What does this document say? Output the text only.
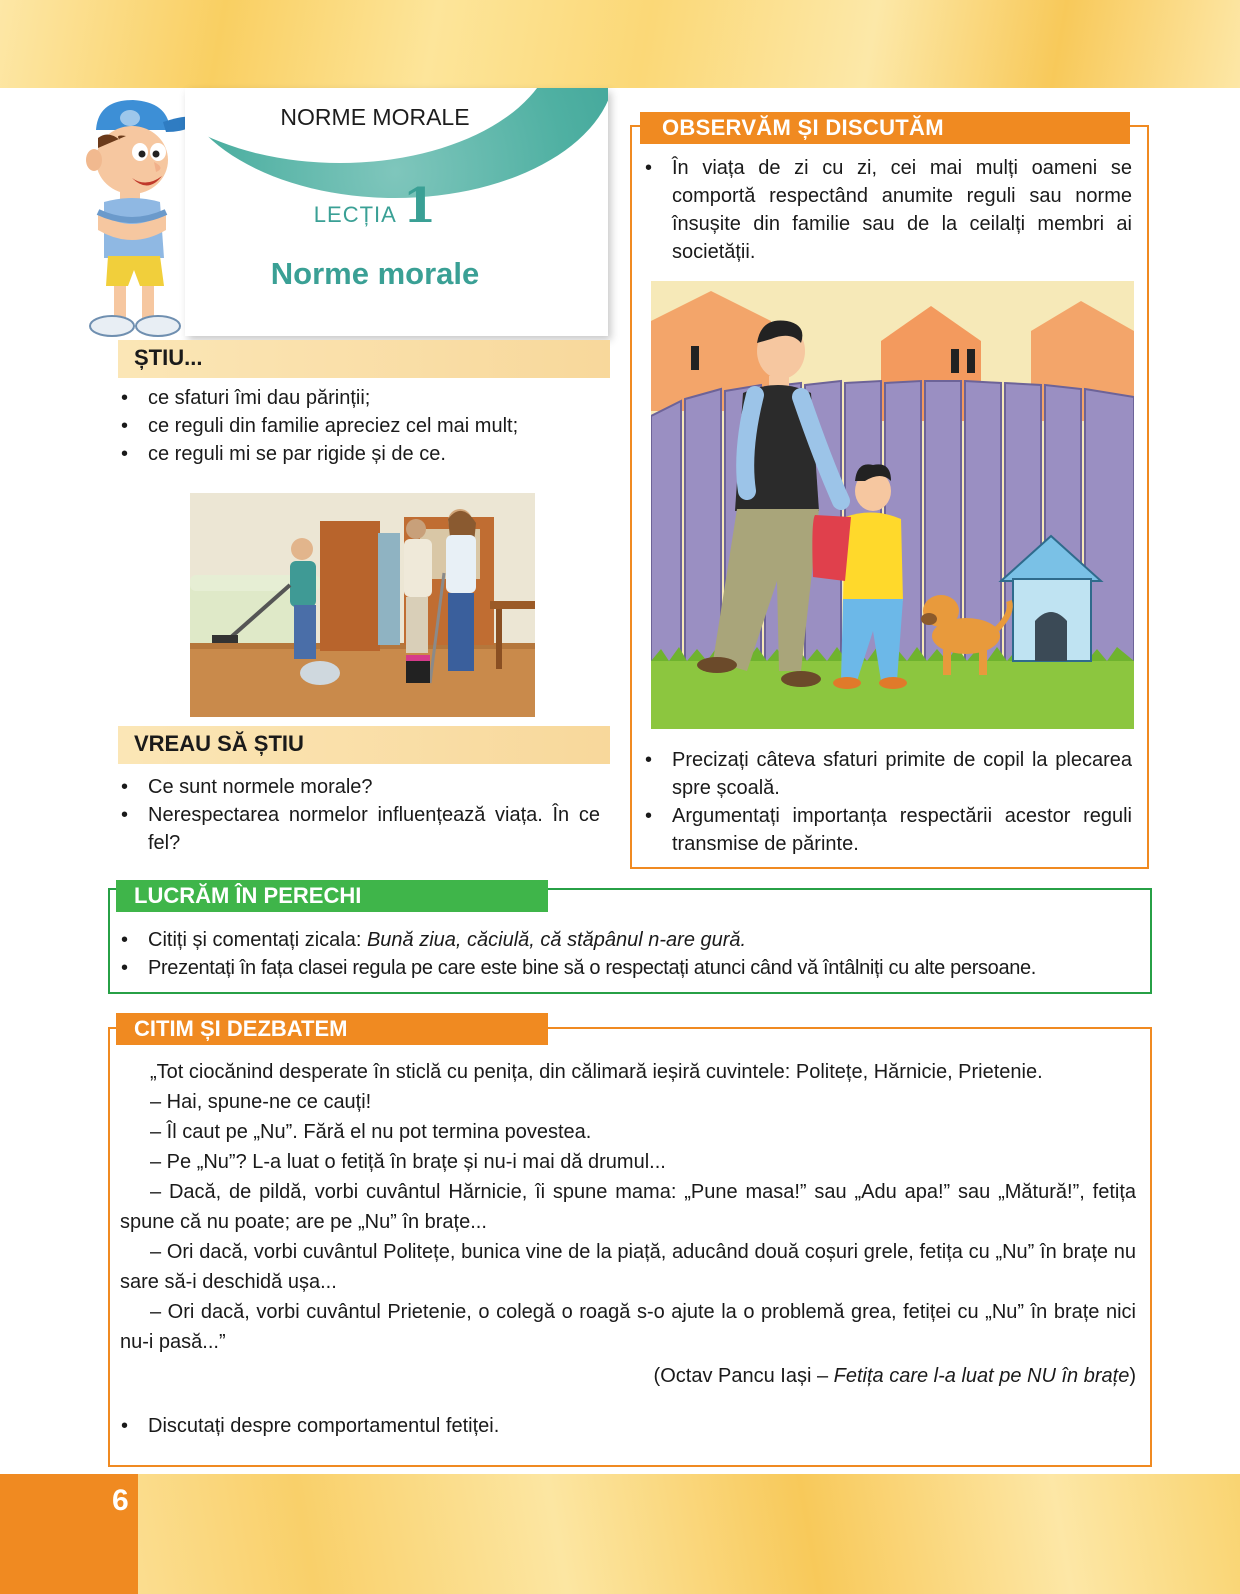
6
NORME MORALE
LECȚIA 1
Norme morale
ȘTIU...
• ce sfaturi îmi dau părinții;
• ce reguli din familie apreciez cel mai mult;
• ce reguli mi se par rigide și de ce.
VREAU SĂ ȘTIU
• Ce sunt normele morale?
• Nerespectarea normelor influențează viața. În ce fel?
OBSERVĂM ȘI DISCUTĂM
• În viața de zi cu zi, cei mai mulți oameni se comportă respectând anumite reguli sau norme însușite din familie sau de la ceilalți membri ai societății.
• Precizați câteva sfaturi primite de copil la plecarea spre școală.
• Argumentați importanța respectării acestor reguli transmise de părinte.
LUCRĂM ÎN PERECHI
• Citiți și comentați zicala: Bună ziua, căciulă, că stăpânul n-are gură.
• Prezentați în fața clasei regula pe care este bine să o respectați atunci când vă întâlniți cu alte persoane.
CITIM ȘI DEZBATEM

„Tot ciocănind desperate în sticlă cu penița, din călimară ieșiră cuvintele: Politețe, Hărnicie, Prietenie.

– Hai, spune-ne ce cauți!

– Îl caut pe „Nu”. Fără el nu pot termina povestea.

– Pe „Nu”? L-a luat o fetiță în brațe și nu-i mai dă drumul...

– Dacă, de pildă, vorbi cuvântul Hărnicie, îi spune mama: „Pune masa!” sau „Adu apa!” sau „Mătură!”, fetița spune că nu poate; are pe „Nu” în brațe...

– Ori dacă, vorbi cuvântul Politețe, bunica vine de la piață, aducând două coșuri grele, fetița cu „Nu” în brațe nu sare să-i deschidă ușa...

– Ori dacă, vorbi cuvântul Prietenie, o colegă o roagă s-o ajute la o problemă grea, fetiței cu „Nu” în brațe nici nu-i pasă...”

(Octav Pancu Iași – Fetița care l-a luat pe NU în brațe)

• Discutați despre comportamentul fetiței.
